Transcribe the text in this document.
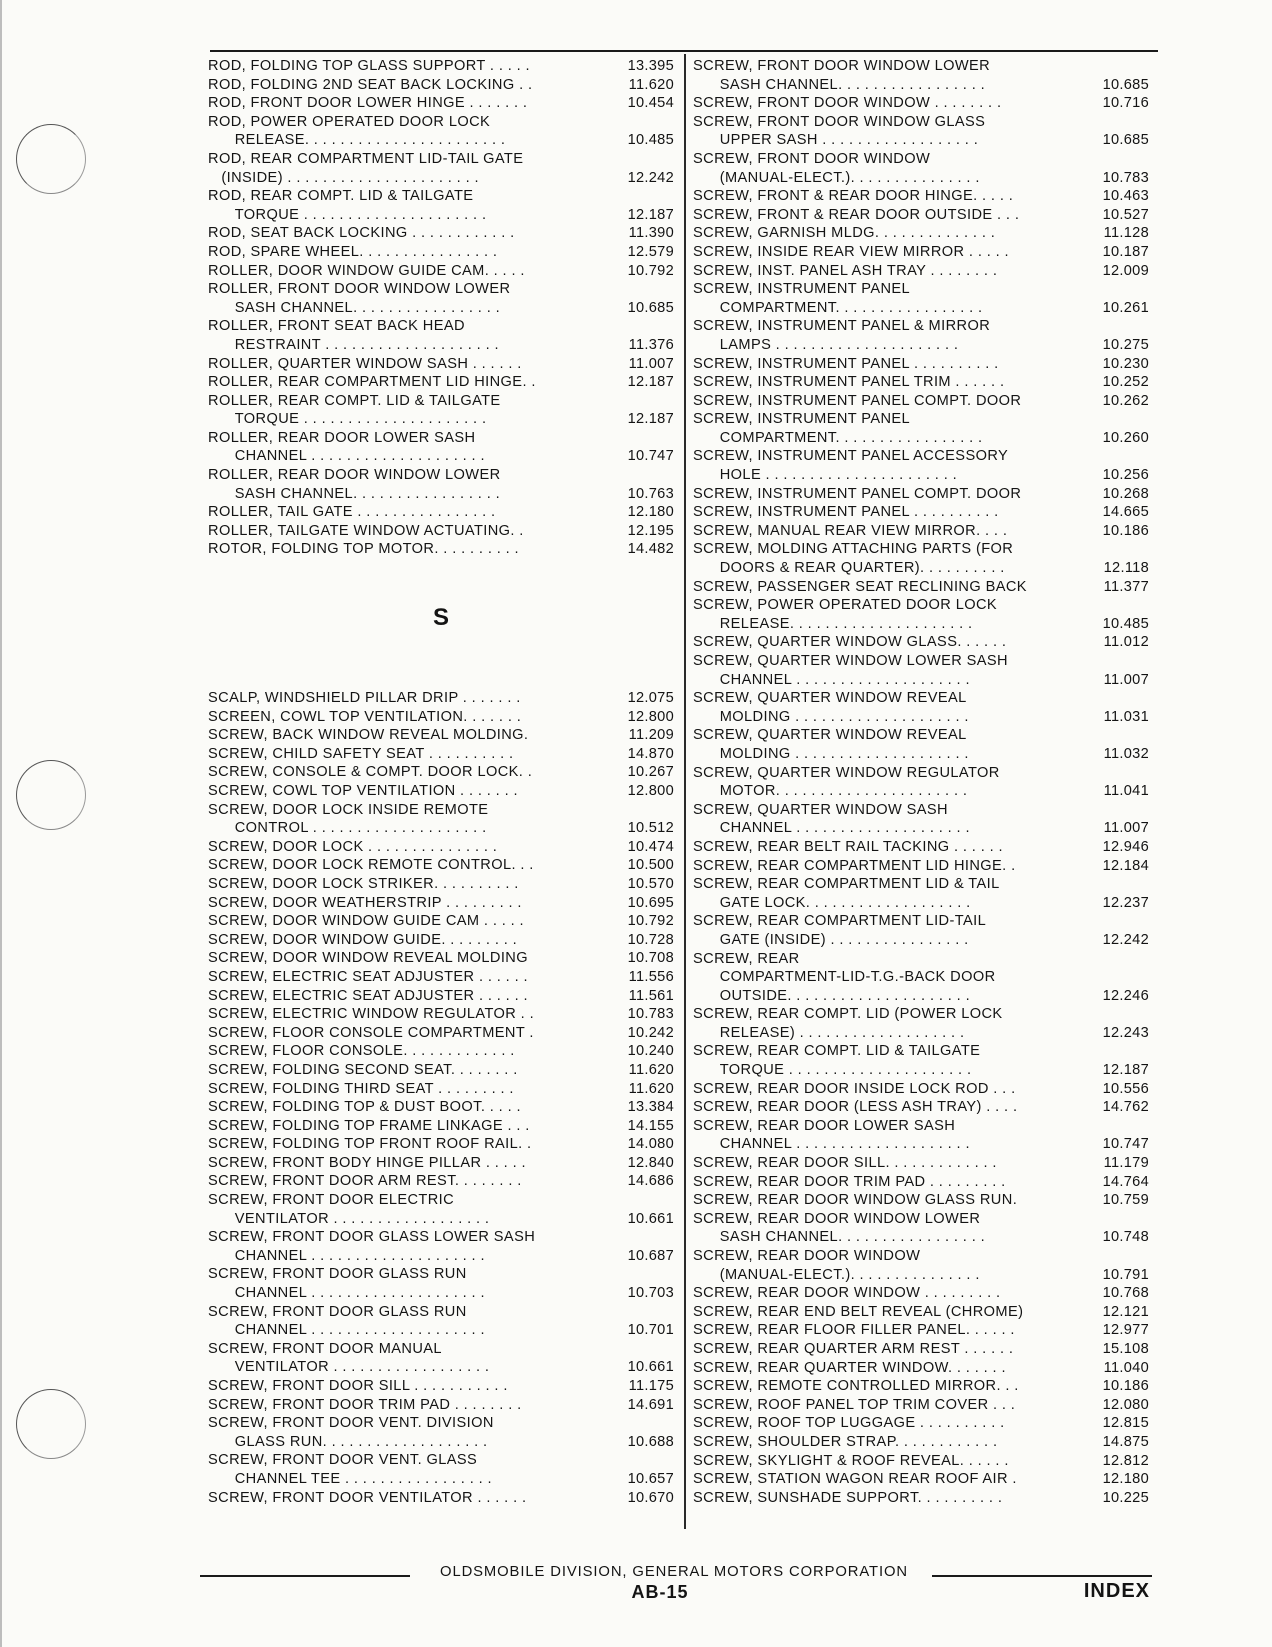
ROD, FOLDING TOP GLASS SUPPORT . . . . .	13.395
ROD, FOLDING 2ND SEAT BACK LOCKING . .	11.620
ROD, FRONT DOOR LOWER HINGE . . . . . . .	10.454
ROD, POWER OPERATED DOOR LOCK
RELEASE. . . . . . . . . . . . . . . . . . . . . . .	10.485
ROD, REAR COMPARTMENT LID-TAIL GATE
(INSIDE) . . . . . . . . . . . . . . . . . . . . . .	12.242
ROD, REAR COMPT. LID & TAILGATE
TORQUE . . . . . . . . . . . . . . . . . . . . .	12.187
ROD, SEAT BACK LOCKING . . . . . . . . . . . .	11.390
ROD, SPARE WHEEL. . . . . . . . . . . . . . . .	12.579
ROLLER, DOOR WINDOW GUIDE CAM. . . . .	10.792
ROLLER, FRONT DOOR WINDOW LOWER
SASH CHANNEL. . . . . . . . . . . . . . . . .	10.685
ROLLER, FRONT SEAT BACK HEAD
RESTRAINT . . . . . . . . . . . . . . . . . . . .	11.376
ROLLER, QUARTER WINDOW SASH . . . . . .	11.007
ROLLER, REAR COMPARTMENT LID HINGE. .	12.187
ROLLER, REAR COMPT. LID & TAILGATE
TORQUE . . . . . . . . . . . . . . . . . . . . .	12.187
ROLLER, REAR DOOR LOWER SASH
CHANNEL . . . . . . . . . . . . . . . . . . . .	10.747
ROLLER, REAR DOOR WINDOW LOWER
SASH CHANNEL. . . . . . . . . . . . . . . . .	10.763
ROLLER, TAIL GATE . . . . . . . . . . . . . . . .	12.180
ROLLER, TAILGATE WINDOW ACTUATING. .	12.195
ROTOR, FOLDING TOP MOTOR. . . . . . . . . .	14.482
S
SCALP, WINDSHIELD PILLAR DRIP . . . . . . .	12.075
SCREEN, COWL TOP VENTILATION. . . . . . .	12.800
SCREW, BACK WINDOW REVEAL MOLDING.	11.209
SCREW, CHILD SAFETY SEAT . . . . . . . . . .	14.870
SCREW, CONSOLE & COMPT. DOOR LOCK. .	10.267
SCREW, COWL TOP VENTILATION . . . . . . .	12.800
SCREW, DOOR LOCK INSIDE REMOTE
CONTROL . . . . . . . . . . . . . . . . . . . .	10.512
SCREW, DOOR LOCK . . . . . . . . . . . . . . .	10.474
SCREW, DOOR LOCK REMOTE CONTROL. . .	10.500
SCREW, DOOR LOCK STRIKER. . . . . . . . . .	10.570
SCREW, DOOR WEATHERSTRIP . . . . . . . . .	10.695
SCREW, DOOR WINDOW GUIDE CAM . . . . .	10.792
SCREW, DOOR WINDOW GUIDE. . . . . . . . .	10.728
SCREW, DOOR WINDOW REVEAL MOLDING	10.708
SCREW, ELECTRIC SEAT ADJUSTER . . . . . .	11.556
SCREW, ELECTRIC SEAT ADJUSTER . . . . . .	11.561
SCREW, ELECTRIC WINDOW REGULATOR . .	10.783
SCREW, FLOOR CONSOLE COMPARTMENT .	10.242
SCREW, FLOOR CONSOLE. . . . . . . . . . . . .	10.240
SCREW, FOLDING SECOND SEAT. . . . . . . .	11.620
SCREW, FOLDING THIRD SEAT . . . . . . . . .	11.620
SCREW, FOLDING TOP & DUST BOOT. . . . .	13.384
SCREW, FOLDING TOP FRAME LINKAGE . . .	14.155
SCREW, FOLDING TOP FRONT ROOF RAIL. .	14.080
SCREW, FRONT BODY HINGE PILLAR . . . . .	12.840
SCREW, FRONT DOOR ARM REST. . . . . . . .	14.686
SCREW, FRONT DOOR ELECTRIC
VENTILATOR . . . . . . . . . . . . . . . . . .	10.661
SCREW, FRONT DOOR GLASS LOWER SASH
CHANNEL . . . . . . . . . . . . . . . . . . . .	10.687
SCREW, FRONT DOOR GLASS RUN
CHANNEL . . . . . . . . . . . . . . . . . . . .	10.703
SCREW, FRONT DOOR GLASS RUN
CHANNEL . . . . . . . . . . . . . . . . . . . .	10.701
SCREW, FRONT DOOR MANUAL
VENTILATOR . . . . . . . . . . . . . . . . . .	10.661
SCREW, FRONT DOOR SILL . . . . . . . . . . .	11.175
SCREW, FRONT DOOR TRIM PAD . . . . . . . .	14.691
SCREW, FRONT DOOR VENT. DIVISION
GLASS RUN. . . . . . . . . . . . . . . . . . .	10.688
SCREW, FRONT DOOR VENT. GLASS
CHANNEL TEE . . . . . . . . . . . . . . . . .	10.657
SCREW, FRONT DOOR VENTILATOR . . . . . .	10.670
SCREW, FRONT DOOR WINDOW LOWER
SASH CHANNEL. . . . . . . . . . . . . . . . .	10.685
SCREW, FRONT DOOR WINDOW . . . . . . . .	10.716
SCREW, FRONT DOOR WINDOW GLASS
UPPER SASH . . . . . . . . . . . . . . . . . .	10.685
SCREW, FRONT DOOR WINDOW
(MANUAL-ELECT.). . . . . . . . . . . . . . .	10.783
SCREW, FRONT & REAR DOOR HINGE. . . . .	10.463
SCREW, FRONT & REAR DOOR OUTSIDE . . .	10.527
SCREW, GARNISH MLDG. . . . . . . . . . . . . .	11.128
SCREW, INSIDE REAR VIEW MIRROR . . . . .	10.187
SCREW, INST. PANEL ASH TRAY . . . . . . . .	12.009
SCREW, INSTRUMENT PANEL
COMPARTMENT. . . . . . . . . . . . . . . . .	10.261
SCREW, INSTRUMENT PANEL & MIRROR
LAMPS . . . . . . . . . . . . . . . . . . . . .	10.275
SCREW, INSTRUMENT PANEL . . . . . . . . . .	10.230
SCREW, INSTRUMENT PANEL TRIM . . . . . .	10.252
SCREW, INSTRUMENT PANEL COMPT. DOOR	10.262
SCREW, INSTRUMENT PANEL
COMPARTMENT. . . . . . . . . . . . . . . . .	10.260
SCREW, INSTRUMENT PANEL ACCESSORY
HOLE . . . . . . . . . . . . . . . . . . . . . .	10.256
SCREW, INSTRUMENT PANEL COMPT. DOOR	10.268
SCREW, INSTRUMENT PANEL . . . . . . . . . .	14.665
SCREW, MANUAL REAR VIEW MIRROR. . . .	10.186
SCREW, MOLDING ATTACHING PARTS (FOR
DOORS & REAR QUARTER). . . . . . . . . .	12.118
SCREW, PASSENGER SEAT RECLINING BACK	11.377
SCREW, POWER OPERATED DOOR LOCK
RELEASE. . . . . . . . . . . . . . . . . . . . .	10.485
SCREW, QUARTER WINDOW GLASS. . . . . .	11.012
SCREW, QUARTER WINDOW LOWER SASH
CHANNEL . . . . . . . . . . . . . . . . . . . .	11.007
SCREW, QUARTER WINDOW REVEAL
MOLDING . . . . . . . . . . . . . . . . . . . .	11.031
SCREW, QUARTER WINDOW REVEAL
MOLDING . . . . . . . . . . . . . . . . . . . .	11.032
SCREW, QUARTER WINDOW REGULATOR
MOTOR. . . . . . . . . . . . . . . . . . . . . .	11.041
SCREW, QUARTER WINDOW SASH
CHANNEL . . . . . . . . . . . . . . . . . . . .	11.007
SCREW, REAR BELT RAIL TACKING . . . . . .	12.946
SCREW, REAR COMPARTMENT LID HINGE. .	12.184
SCREW, REAR COMPARTMENT LID & TAIL
GATE LOCK. . . . . . . . . . . . . . . . . . .	12.237
SCREW, REAR COMPARTMENT LID-TAIL
GATE (INSIDE) . . . . . . . . . . . . . . . .	12.242
SCREW, REAR
COMPARTMENT-LID-T.G.-BACK DOOR
OUTSIDE. . . . . . . . . . . . . . . . . . . . .	12.246
SCREW, REAR COMPT. LID (POWER LOCK
RELEASE) . . . . . . . . . . . . . . . . . . .	12.243
SCREW, REAR COMPT. LID & TAILGATE
TORQUE . . . . . . . . . . . . . . . . . . . . .	12.187
SCREW, REAR DOOR INSIDE LOCK ROD . . .	10.556
SCREW, REAR DOOR (LESS ASH TRAY) . . . .	14.762
SCREW, REAR DOOR LOWER SASH
CHANNEL . . . . . . . . . . . . . . . . . . . .	10.747
SCREW, REAR DOOR SILL. . . . . . . . . . . . .	11.179
SCREW, REAR DOOR TRIM PAD . . . . . . . . .	14.764
SCREW, REAR DOOR WINDOW GLASS RUN.	10.759
SCREW, REAR DOOR WINDOW LOWER
SASH CHANNEL. . . . . . . . . . . . . . . . .	10.748
SCREW, REAR DOOR WINDOW
(MANUAL-ELECT.). . . . . . . . . . . . . . .	10.791
SCREW, REAR DOOR WINDOW . . . . . . . . .	10.768
SCREW, REAR END BELT REVEAL (CHROME)	12.121
SCREW, REAR FLOOR FILLER PANEL. . . . . .	12.977
SCREW, REAR QUARTER ARM REST . . . . . .	15.108
SCREW, REAR QUARTER WINDOW. . . . . . .	11.040
SCREW, REMOTE CONTROLLED MIRROR. . .	10.186
SCREW, ROOF PANEL TOP TRIM COVER . . .	12.080
SCREW, ROOF TOP LUGGAGE . . . . . . . . . .	12.815
SCREW, SHOULDER STRAP. . . . . . . . . . . .	14.875
SCREW, SKYLIGHT & ROOF REVEAL. . . . . .	12.812
SCREW, STATION WAGON REAR ROOF AIR .	12.180
SCREW, SUNSHADE SUPPORT. . . . . . . . . .	10.225
OLDSMOBILE DIVISION, GENERAL MOTORS CORPORATION
AB-15	INDEX
